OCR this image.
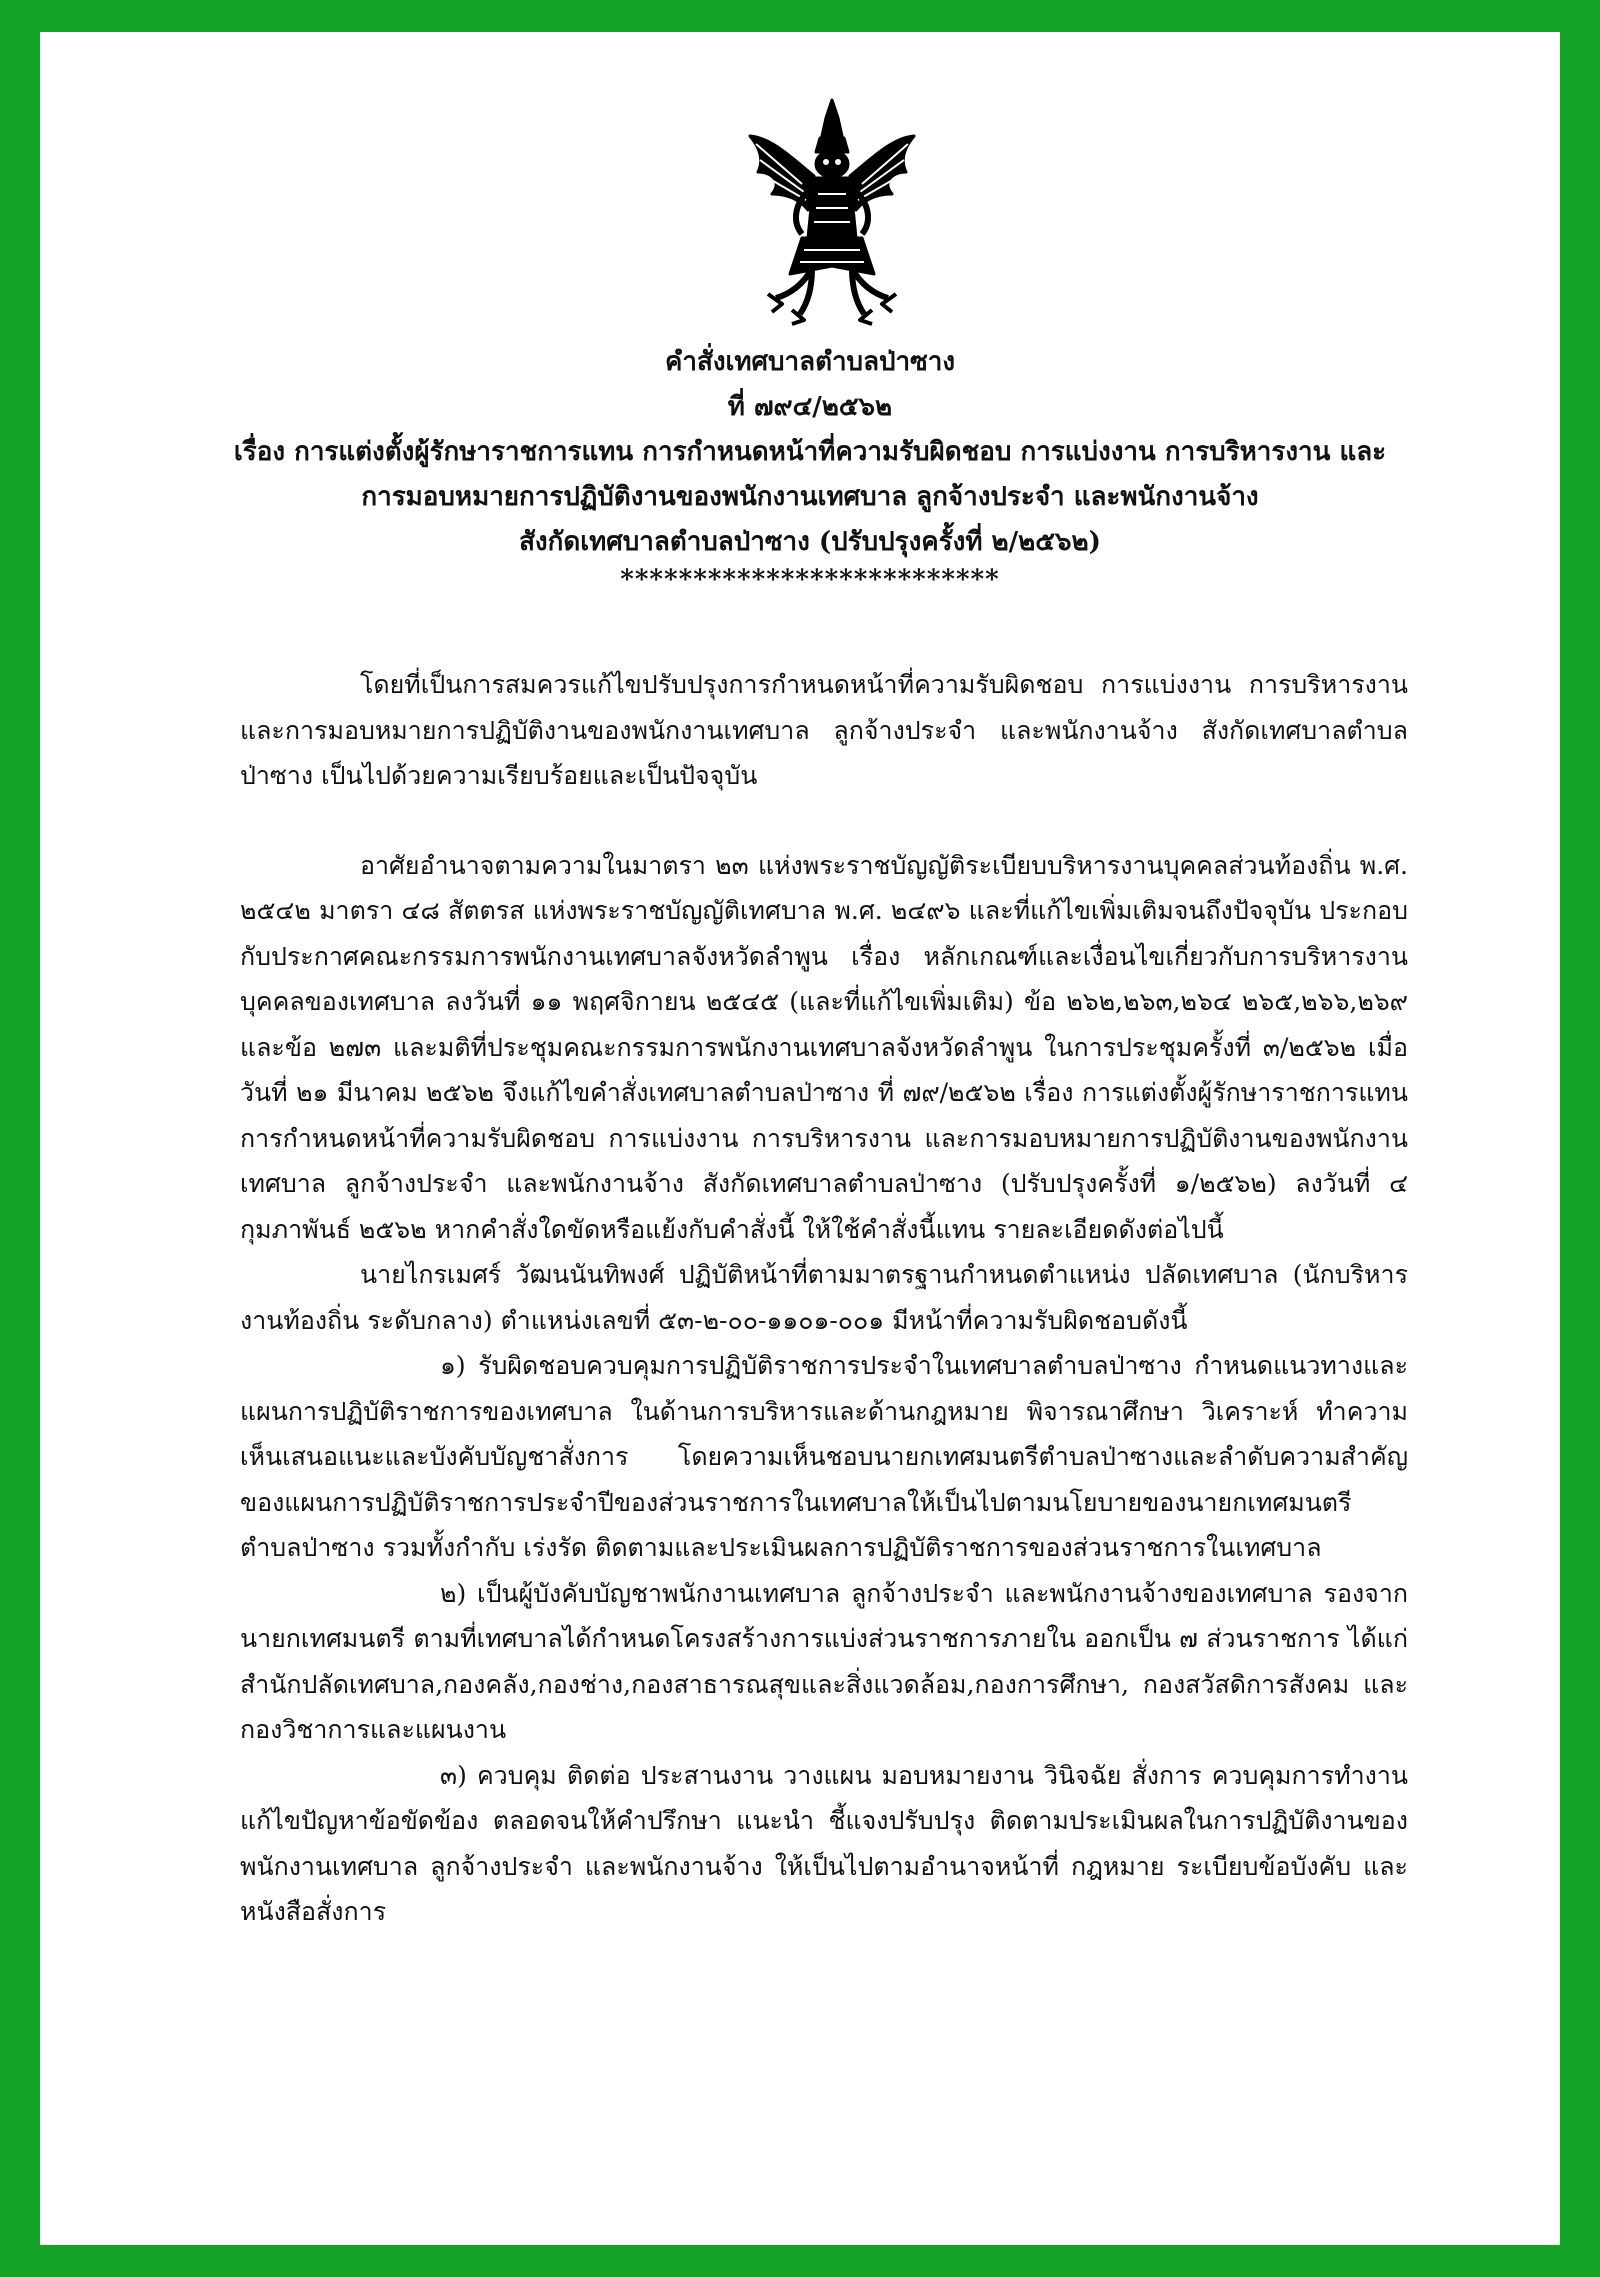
คำสั่งเทศบาลตำบลป่าซาง
ที่ ๗๙๔/๒๕๖๒
เรื่อง การแต่งตั้งผู้รักษาราชการแทน การกำหนดหน้าที่ความรับผิดชอบ การแบ่งงาน การบริหารงาน และ
การมอบหมายการปฏิบัติงานของพนักงานเทศบาล ลูกจ้างประจำ และพนักงานจ้าง
สังกัดเทศบาลตำบลป่าซาง (ปรับปรุงครั้งที่ ๒/๒๕๖๒)
**************************

โดยที่เป็นการสมควรแก้ไขปรับปรุงการกำหนดหน้าที่ความรับผิดชอบ การแบ่งงาน การบริหารงาน และการมอบหมายการปฏิบัติงานของพนักงานเทศบาล ลูกจ้างประจำ และพนักงานจ้าง สังกัดเทศบาลตำบลป่าซาง เป็นไปด้วยความเรียบร้อยและเป็นปัจจุบัน

อาศัยอำนาจตามความในมาตรา ๒๓ แห่งพระราชบัญญัติระเบียบบริหารงานบุคคลส่วนท้องถิ่น พ.ศ. ๒๕๔๒ มาตรา ๔๘ สัตตรส แห่งพระราชบัญญัติเทศบาล พ.ศ. ๒๔๙๖ และที่แก้ไขเพิ่มเติมจนถึงปัจจุบัน ประกอบกับประกาศคณะกรรมการพนักงานเทศบาลจังหวัดลำพูน เรื่อง หลักเกณฑ์และเงื่อนไขเกี่ยวกับการบริหารงานบุคคลของเทศบาล ลงวันที่ ๑๑ พฤศจิกายน ๒๕๔๕ (และที่แก้ไขเพิ่มเติม) ข้อ ๒๖๒,๒๖๓,๒๖๔ ๒๖๕,๒๖๖,๒๖๙ และข้อ ๒๗๓ และมติที่ประชุมคณะกรรมการพนักงานเทศบาลจังหวัดลำพูน ในการประชุมครั้งที่ ๓/๒๕๖๒ เมื่อวันที่ ๒๑ มีนาคม ๒๕๖๒ จึงแก้ไขคำสั่งเทศบาลตำบลป่าซาง ที่ ๗๙/๒๕๖๒ เรื่อง การแต่งตั้งผู้รักษาราชการแทน การกำหนดหน้าที่ความรับผิดชอบ การแบ่งงาน การบริหารงาน และการมอบหมายการปฏิบัติงานของพนักงานเทศบาล ลูกจ้างประจำ และพนักงานจ้าง สังกัดเทศบาลตำบลป่าซาง (ปรับปรุงครั้งที่ ๑/๒๕๖๒) ลงวันที่ ๔ กุมภาพันธ์ ๒๕๖๒ หากคำสั่งใดขัดหรือแย้งกับคำสั่งนี้ ให้ใช้คำสั่งนี้แทน รายละเอียดดังต่อไปนี้

นายไกรเมศร์ วัฒนนันทิพงศ์ ปฏิบัติหน้าที่ตามมาตรฐานกำหนดตำแหน่ง ปลัดเทศบาล (นักบริหารงานท้องถิ่น ระดับกลาง) ตำแหน่งเลขที่ ๕๓-๒-๐๐-๑๑๐๑-๐๐๑ มีหน้าที่ความรับผิดชอบดังนี้

๑) รับผิดชอบควบคุมการปฏิบัติราชการประจำในเทศบาลตำบลป่าซาง กำหนดแนวทางและแผนการปฏิบัติราชการของเทศบาล ในด้านการบริหารและด้านกฎหมาย พิจารณาศึกษา วิเคราะห์ ทำความเห็นเสนอแนะและบังคับบัญชาสั่งการ โดยความเห็นชอบนายกเทศมนตรีตำบลป่าซางและลำดับความสำคัญของแผนการปฏิบัติราชการประจำปีของส่วนราชการในเทศบาลให้เป็นไปตามนโยบายของนายกเทศมนตรีตำบลป่าซาง รวมทั้งกำกับ เร่งรัด ติดตามและประเมินผลการปฏิบัติราชการของส่วนราชการในเทศบาล

๒) เป็นผู้บังคับบัญชาพนักงานเทศบาล ลูกจ้างประจำ และพนักงานจ้างของเทศบาล รองจากนายกเทศมนตรี ตามที่เทศบาลได้กำหนดโครงสร้างการแบ่งส่วนราชการภายใน ออกเป็น ๗ ส่วนราชการ ได้แก่ สำนักปลัดเทศบาล,กองคลัง,กองช่าง,กองสาธารณสุขและสิ่งแวดล้อม,กองการศึกษา, กองสวัสดิการสังคม และกองวิชาการและแผนงาน

๓) ควบคุม ติดต่อ ประสานงาน วางแผน มอบหมายงาน วินิจฉัย สั่งการ ควบคุมการทำงาน แก้ไขปัญหาข้อขัดข้อง ตลอดจนให้คำปรึกษา แนะนำ ชี้แจงปรับปรุง ติดตามประเมินผลในการปฏิบัติงานของพนักงานเทศบาล ลูกจ้างประจำ และพนักงานจ้าง ให้เป็นไปตามอำนาจหน้าที่ กฎหมาย ระเบียบข้อบังคับ และหนังสือสั่งการ
